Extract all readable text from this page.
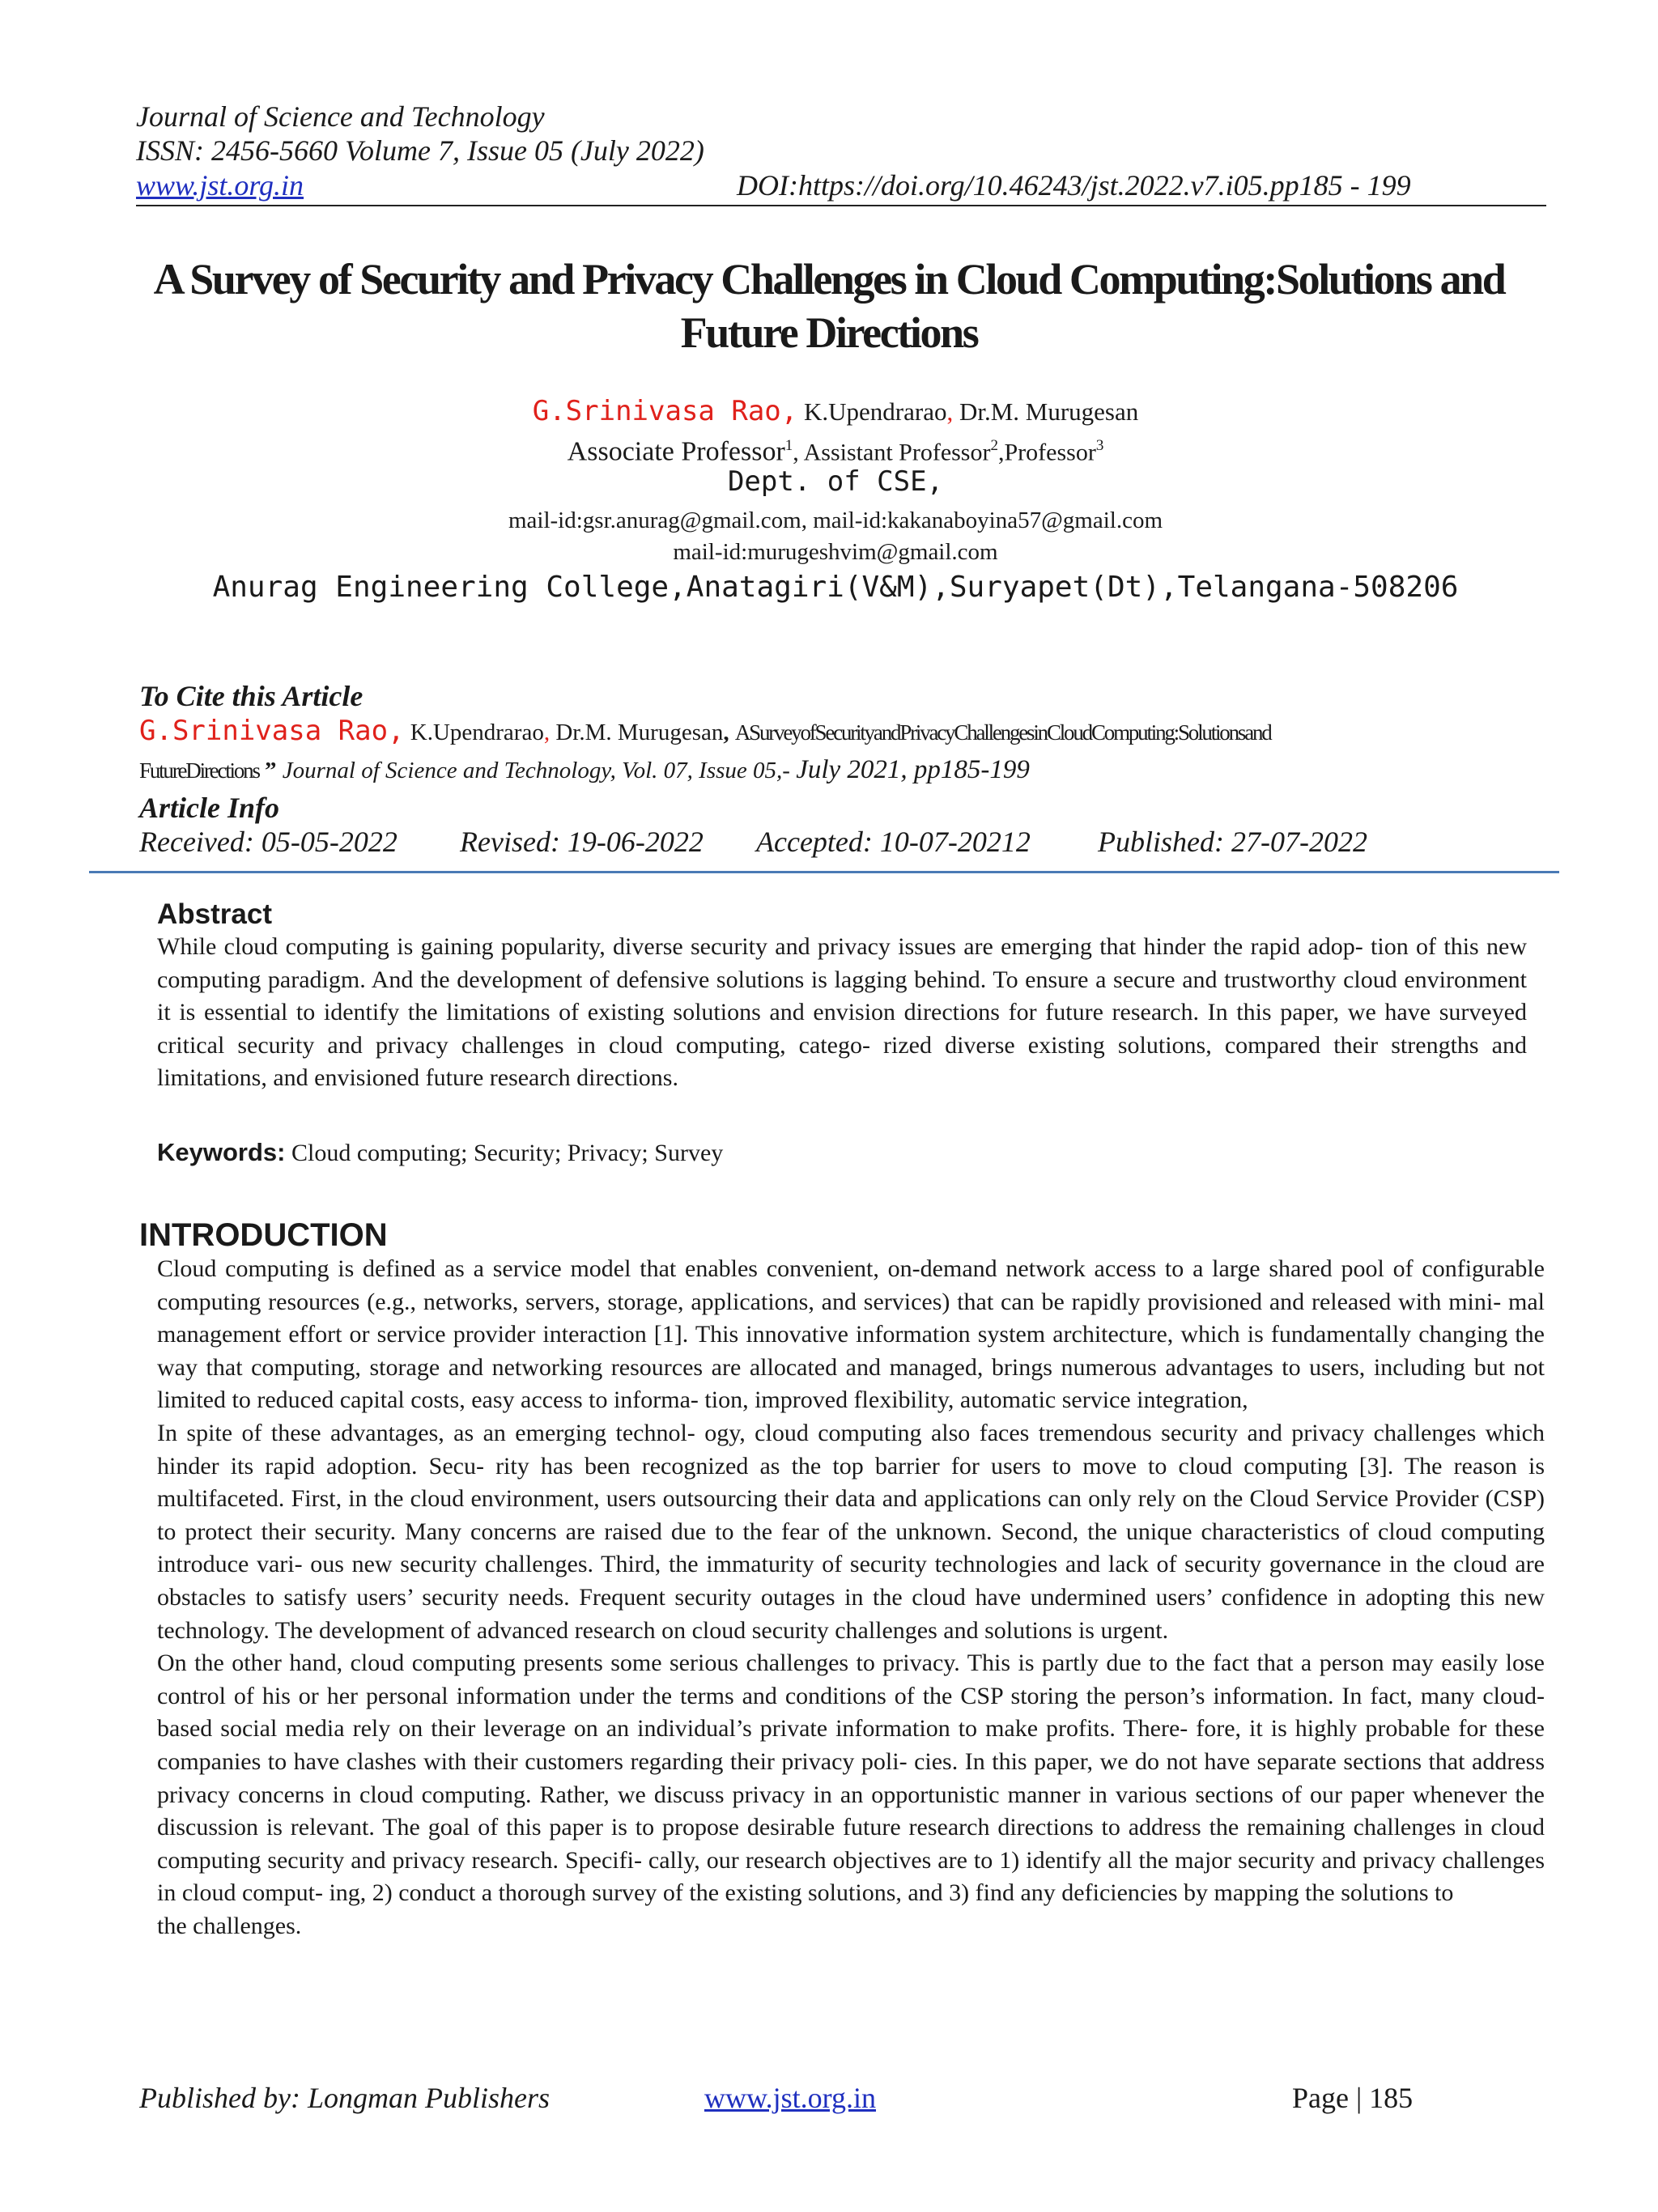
Journal of Science and Technology
ISSN: 2456-5660 Volume 7, Issue 05 (July 2022)
www.jst.org.in	DOI:https://doi.org/10.46243/jst.2022.v7.i05.pp185 - 199
A Survey of Security and Privacy Challenges in Cloud Computing:Solutions and Future Directions
G.Srinivasa Rao, K.Upendrarao, Dr.M. Murugesan
Associate Professor$^1$, Assistant Professor$^2$,Professor$^3$
Dept. of CSE,
mail-id:gsr.anurag@gmail.com, mail-id:kakanaboyina57@gmail.com
mail-id:murugeshvim@gmail.com
Anurag Engineering College,Anatagiri(V&M),Suryapet(Dt),Telangana-508206
To Cite this Article
G.Srinivasa Rao, K.Upendrarao, Dr.M. Murugesan, ASurveyofSecurityandPrivacyChallengesinCloudComputing:Solutionsand
FutureDirections ” Journal of Science and Technology, Vol. 07, Issue 05,- July 2021, pp185-199
Article Info
Received: 05-05-2022 Revised: 19-06-2022 Accepted: 10-07-20212 Published: 27-07-2022
Abstract
While cloud computing is gaining popularity, diverse security and privacy issues are emerging that hinder the rapid adop- tion of this new computing paradigm. And the development of defensive solutions is lagging behind. To ensure a secure and trustworthy cloud environment it is essential to identify the limitations of existing solutions and envision directions for future research. In this paper, we have surveyed critical security and privacy challenges in cloud computing, catego- rized diverse existing solutions, compared their strengths and limitations, and envisioned future research directions.
Keywords: Cloud computing; Security; Privacy; Survey
INTRODUCTION

Cloud computing is defined as a service model that enables convenient, on-demand network access to a large shared pool of configurable computing resources (e.g., networks, servers, storage, applications, and services) that can be rapidly provisioned and released with mini- mal management effort or service provider interaction [1]. This innovative information system architecture, which is fundamentally changing the way that computing, storage and networking resources are allocated and managed, brings numerous advantages to users, including but not limited to reduced capital costs, easy access to informa- tion, improved flexibility, automatic service integration,

In spite of these advantages, as an emerging technol- ogy, cloud computing also faces tremendous security and privacy challenges which hinder its rapid adoption. Secu- rity has been recognized as the top barrier for users to move to cloud computing [3]. The reason is multifaceted. First, in the cloud environment, users outsourcing their data and applications can only rely on the Cloud Service Provider (CSP) to protect their security. Many concerns are raised due to the fear of the unknown. Second, the unique characteristics of cloud computing introduce vari- ous new security challenges. Third, the immaturity of security technologies and lack of security governance in the cloud are obstacles to satisfy users’ security needs. Frequent security outages in the cloud have undermined users’ confidence in adopting this new technology. The development of advanced research on cloud security challenges and solutions is urgent.

On the other hand, cloud computing presents some serious challenges to privacy. This is partly due to the fact that a person may easily lose control of his or her personal information under the terms and conditions of the CSP storing the person’s information. In fact, many cloud-based social media rely on their leverage on an individual’s private information to make profits. There- fore, it is highly probable for these companies to have clashes with their customers regarding their privacy poli- cies. In this paper, we do not have separate sections that address privacy concerns in cloud computing. Rather, we discuss privacy in an opportunistic manner in various sections of our paper whenever the discussion is relevant. The goal of this paper is to propose desirable future research directions to address the remaining challenges in cloud computing security and privacy research. Specifi- cally, our research objectives are to 1) identify all the major security and privacy challenges in cloud comput- ing, 2) conduct a thorough survey of the existing solutions, and 3) find any deficiencies by mapping the solutions to

the challenges.

Published by: Longman Publishers	www.jst.org.in	Page | 185
